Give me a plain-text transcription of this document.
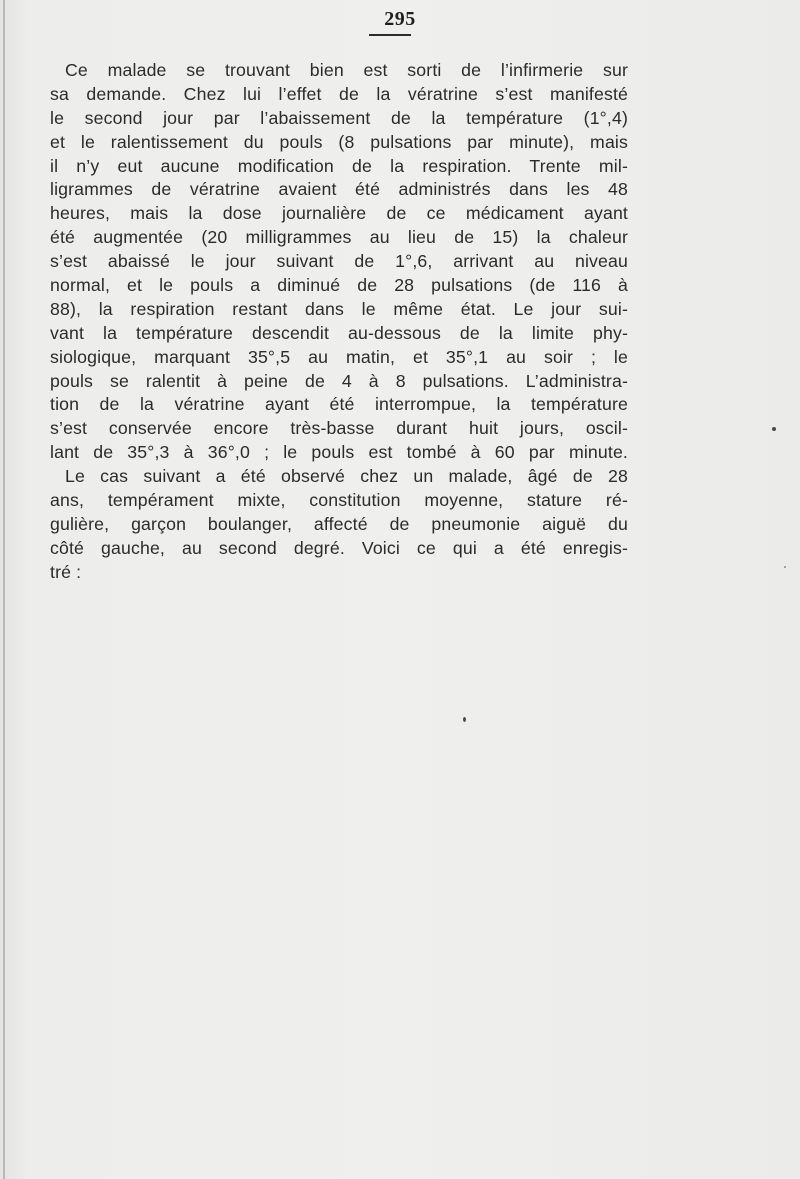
295
Ce malade se trouvant bien est sorti de l’infirmerie sur
sa demande. Chez lui l’effet de la vératrine s’est manifesté
le second jour par l’abaissement de la température (1°,4)
et le ralentissement du pouls (8 pulsations par minute), mais
il n’y eut aucune modification de la respiration. Trente mil-
ligrammes de vératrine avaient été administrés dans les 48
heures, mais la dose journalière de ce médicament ayant
été augmentée (20 milligrammes au lieu de 15) la chaleur
s’est abaissé le jour suivant de 1°,6, arrivant au niveau
normal, et le pouls a diminué de 28 pulsations (de 116 à
88), la respiration restant dans le même état. Le jour sui-
vant la température descendit au-dessous de la limite phy-
siologique, marquant 35°,5 au matin, et 35°,1 au soir ; le
pouls se ralentit à peine de 4 à 8 pulsations. L’administra-
tion de la vératrine ayant été interrompue, la température
s’est conservée encore très-basse durant huit jours, oscil-
lant de 35°,3 à 36°,0 ; le pouls est tombé à 60 par minute.
Le cas suivant a été observé chez un malade, âgé de 28
ans, tempérament mixte, constitution moyenne, stature ré-
gulière, garçon boulanger, affecté de pneumonie aiguë du
côté gauche, au second degré. Voici ce qui a été enregis-
tré :
